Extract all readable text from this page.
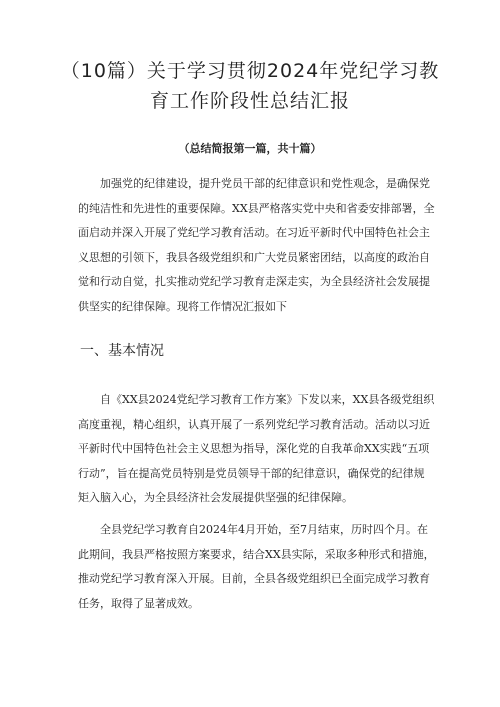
（10篇）关于学习贯彻2024年党纪学习教
育工作阶段性总结汇报
（总结简报第一篇，共十篇）
加强党的纪律建设，提升党员干部的纪律意识和党性观念，是确保党
的纯洁性和先进性的重要保障。XX县严格落实党中央和省委安排部署，全
面启动并深入开展了党纪学习教育活动。在习近平新时代中国特色社会主
义思想的引领下，我县各级党组织和广大党员紧密团结，以高度的政治自
觉和行动自觉，扎实推动党纪学习教育走深走实，为全县经济社会发展提
供坚实的纪律保障。现将工作情况汇报如下
一、基本情况
自《XX县2024党纪学习教育工作方案》下发以来，XX县各级党组织
高度重视，精心组织，认真开展了一系列党纪学习教育活动。活动以习近
平新时代中国特色社会主义思想为指导，深化党的自我革命XX实践“五项
行动”，旨在提高党员特别是党员领导干部的纪律意识，确保党的纪律规
矩入脑入心，为全县经济社会发展提供坚强的纪律保障。
全县党纪学习教育自2024年4月开始，至7月结束，历时四个月。在
此期间，我县严格按照方案要求，结合XX县实际，采取多种形式和措施，
推动党纪学习教育深入开展。目前，全县各级党组织已全面完成学习教育
任务，取得了显著成效。
